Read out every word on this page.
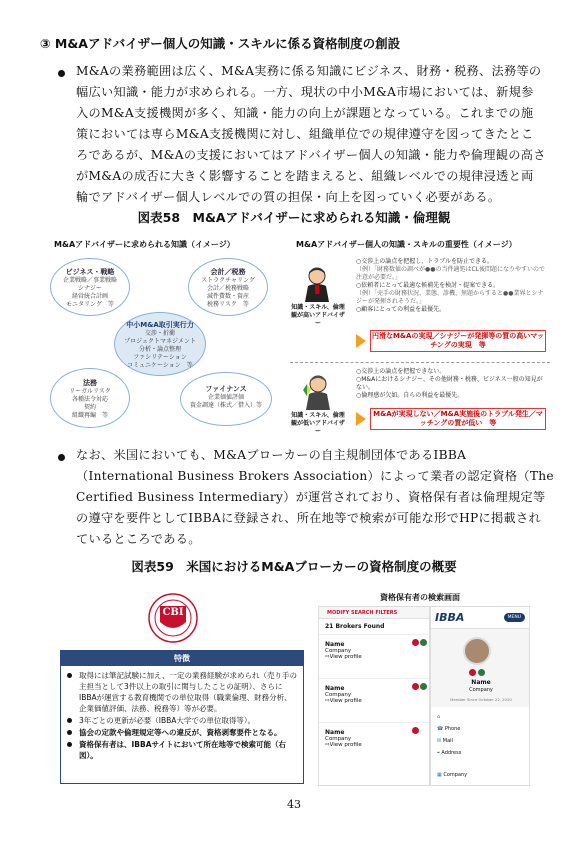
③ M&Aアドバイザー個人の知識・スキルに係る資格制度の創設
M&Aの業務範囲は広く、M&A実務に係る知識にビジネス、財務・税務、法務等の
幅広い知識・能力が求められる。一方、現状の中小M&A市場においては、新規参
入のM&A支援機関が多く、知識・能力の向上が課題となっている。これまでの施
策においては専らM&A支援機関に対し、組織単位での規律遵守を図ってきたとこ
ろであるが、M&Aの支援においてはアドバイザー個人の知識・能力や倫理観の高さ
がM&Aの成否に大きく影響することを踏まえると、組織レベルでの規律浸透と両
輪でアドバイザー個人レベルでの質の担保・向上を図っていく必要がある。
図表58　M&Aアドバイザーに求められる知識・倫理観
M&Aアドバイザーに求められる知識（イメージ）
ビジネス・戦略
企業戦略／事業戦略
シナジー
経営統合計画
モニタリング　等
会計／税務
ストラクチャリング
会計／税務戦略
減件費数・資産
税務リスク　等
中小M&A取引実行力
交渉・折衝
プロジェクトマネジメント
分析・論点整理
ファシリテーション
コミュニケーション　等
法務
リーガルリスク
各種法令対応
契約
組織再編　等
ファイナンス
企業価値評価
資金調達（株式／借入）等
M&Aアドバイザー個人の知識・スキルの重要性（イメージ）
知識・スキル、倫理観が高いアドバイザー
○交渉上の論点を把握し、トラブルを防止できる。
（例）「財務数値の調べが●●の当件適処はCL後問題になりやすいので注意が必要だ。」
○依頼者にとって最適な候補先を検討・提案できる。
（例）「売手の財務状況、業態、診機、無題からすると●●業界とシナジーが発揮されそうだ。」
○顧客にとっての利益を最優先。
円滑なM&Aの実現／シナジーが発揮等の質の高いマッチングの実現　等
知識・スキル、倫理観が低いアドバイザー
○交渉上の論点を把握できない。
○M&Aにおけるシナジー、その他財務・税務、ビジネス一般の知見がない。
○倫理感が欠如。自らの利益を最優先。
M&Aが実現しない／M&A実施後のトラブル発生／マッチングの質が低い　等
なお、米国においても、M&Aブローカーの自主規制団体であるIBBA
（International Business Brokers Association）によって業者の認定資格（The
Certified Business Intermediary）が運営されており、資格保有者は倫理規定等
の遵守を要件としてIBBAに登録され、所在地等で検索が可能な形でHPに掲載され
ているところである。
図表59　米国におけるM&Aブローカーの資格制度の概要
CBI
特徴
取得には筆記試験に加え、一定の業務経験が求められ（売り手の主担当として3件以上の取引に関与したことの証明）、さらにIBBAが運営する教育機関での単位取得（職業倫理、財務分析、企業価値評価、法務、税務等）等が必要。
3年ごとの更新が必要（IBBA大学での単位取得等）。
協会の定款や倫理規定等への違反が、資格剥奪要件となる。
資格保有者は、IBBAサイトにおいて所在地等で検索可能（右図）。
資格保有者の検索画面
MODIFY SEARCH FILTERS
21 Brokers Found
Name
Company
⇨View profile
Name
Company
⇨View profile
Name
Company
⇨View profile
IBBA	MENU
Name
Company
Member Since October 22, 2020
⌂
☎ Phone
✉ Mail
⌖ Address
▦ Company
43
